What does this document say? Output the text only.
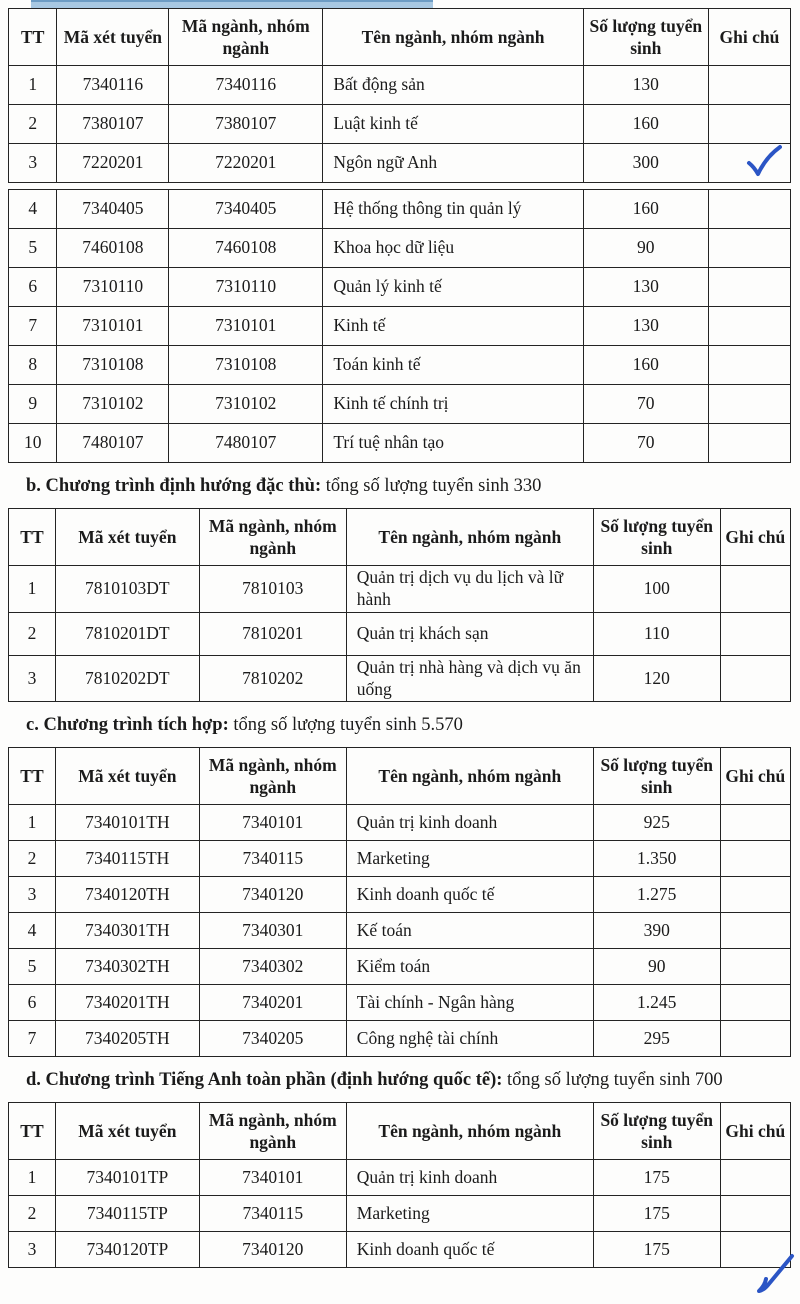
TT	Mã xét tuyển	Mã ngành, nhóm ngành	Tên ngành, nhóm ngành	Số lượng tuyển sinh	Ghi chú
1	7340116	7340116	Bất động sản	130	
2	7380107	7380107	Luật kinh tế	160	
3	7220201	7220201	Ngôn ngữ Anh	300	
4	7340405	7340405	Hệ thống thông tin quản lý	160	
5	7460108	7460108	Khoa học dữ liệu	90	
6	7310110	7310110	Quản lý kinh tế	130	
7	7310101	7310101	Kinh tế	130	
8	7310108	7310108	Toán kinh tế	160	
9	7310102	7310102	Kinh tế chính trị	70	
10	7480107	7480107	Trí tuệ nhân tạo	70	

b. Chương trình định hướng đặc thù: tổng số lượng tuyển sinh 330

TT	Mã xét tuyển	Mã ngành, nhóm ngành	Tên ngành, nhóm ngành	Số lượng tuyển sinh	Ghi chú
1	7810103DT	7810103	Quản trị dịch vụ du lịch và lữ hành	100	
2	7810201DT	7810201	Quản trị khách sạn	110	
3	7810202DT	7810202	Quản trị nhà hàng và dịch vụ ăn uống	120	

c. Chương trình tích hợp: tổng số lượng tuyển sinh 5.570

TT	Mã xét tuyển	Mã ngành, nhóm ngành	Tên ngành, nhóm ngành	Số lượng tuyển sinh	Ghi chú
1	7340101TH	7340101	Quản trị kinh doanh	925	
2	7340115TH	7340115	Marketing	1.350	
3	7340120TH	7340120	Kinh doanh quốc tế	1.275	
4	7340301TH	7340301	Kế toán	390	
5	7340302TH	7340302	Kiểm toán	90	
6	7340201TH	7340201	Tài chính - Ngân hàng	1.245	
7	7340205TH	7340205	Công nghệ tài chính	295	

d. Chương trình Tiếng Anh toàn phần (định hướng quốc tế): tổng số lượng tuyển sinh 700

TT	Mã xét tuyển	Mã ngành, nhóm ngành	Tên ngành, nhóm ngành	Số lượng tuyển sinh	Ghi chú
1	7340101TP	7340101	Quản trị kinh doanh	175	
2	7340115TP	7340115	Marketing	175	
3	7340120TP	7340120	Kinh doanh quốc tế	175	
